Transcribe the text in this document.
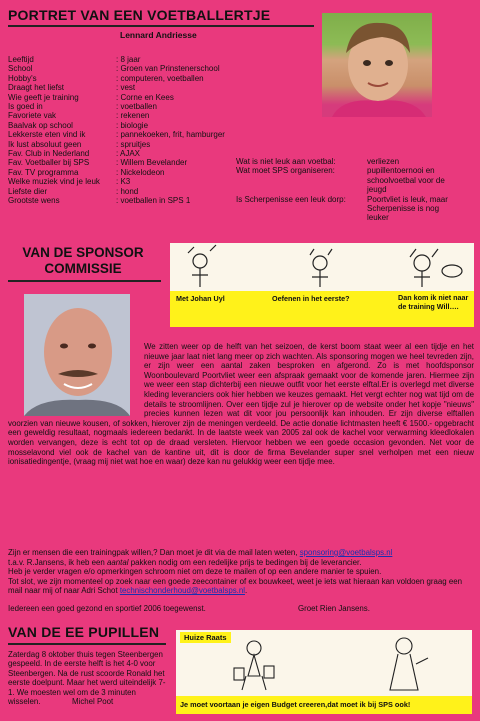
PORTRET VAN EEN VOETBALLERTJE
Lennard Andriesse
Leeftijd	: 8 jaar
School	: Groen van Prinstenerschool
Hobby's	: computeren, voetballen
Draagt het liefst	: vest
Wie geeft je training	: Corne en Kees
Is goed in	: voetballen
Favoriete vak	: rekenen
Baalvak op school	: biologie
Lekkerste eten vind ik	: pannekoeken, frit, hamburger
Ik lust absoluut geen	: spruitjes
Fav. Club in Nederland	: AJAX
Fav. Voetballer bij SPS	: Willem Bevelander
Fav. TV programma	: Nickelodeon
Welke muziek vind je leuk	: K3
Liefste dier	: hond
Grootste wens	: voetballen in SPS 1
Wat is niet leuk aan voetbal:	verliezen
Wat moet SPS organiseren:	pupillentoernooi en schoolvoetbal voor de jeugd
Is Scherpenisse een leuk dorp:	Poortvliet is leuk, maar Scherpenisse is nog leuker
VAN DE SPONSOR
COMMISSIE
Met Johan Uyl	Oefenen in het eerste?	Dan kom ik niet naar de training Will….
We zitten weer op de helft van het seizoen, de kerst boom staat weer al een tijdje en het nieuwe jaar laat niet lang meer op zich wachten. Als sponsoring mogen we heel tevreden zijn, er zijn weer een aantal zaken besproken en afgerond. Zo is met hoofdsponsor Woonboulevard Poortvliet weer een afspraak gemaakt voor de komende jaren. Hiermee zijn we weer een stap dichterbij een nieuwe outfit voor het eerste elftal.Er is overlegd met diverse kleding leveranciers ook hier hebben we keuzes gemaakt. Het vergt echter nog wat tijd om de details te stroomlijnen. Over een tijdje zul je hierover op de website onder het kopje "nieuws" precies kunnen lezen wat dit voor jou persoonlijk kan inhouden. Er zijn diverse elftallen voorzien van nieuwe kousen, of sokken, hierover zijn de meningen verdeeld. De actie donatie lichtmasten heeft € 1500.- opgebracht een geweldig resultaat, nogmaals iedereen bedankt. In de laatste week van 2005 zal ook de kachel voor verwarming kleedlokalen worden vervangen, deze is echt tot op de draad versleten. Hiervoor hebben we een goede occasion gevonden. Net voor de mosselavond viel ook de kachel van de kantine uit, dit is door de firma Bevelander super snel verholpen met een nieuw ionisatiedingentje, (vraag mij niet wat hoe en waar) deze kan nu gelukkig weer een tijdje mee.
Zijn er mensen die een trainingpak willen,? Dan moet je dit via de mail laten weten, sponsoring@voetbalsps.nl
t.a.v. R.Jansens, ik heb een aantal pakken nodig om een redelijke prijs te bedingen bij de leverancier.
Heb je verder vragen e/o opmerkingen schroom niet om deze te mailen of op een andere manier te spuien.
Tot slot, we zijn momenteel op zoek naar een goede zeecontainer of ex bouwkeet, weet je iets wat hieraan kan voldoen graag een mail naar mij of naar Adri Schot technischonderhoud@voetbalsps.nl.
Iedereen een goed gezond en sportief 2006 toegewenst.	Groet Rien Jansens.
VAN DE EE PUPILLEN
Zaterdag 8 oktober thuis tegen Steenbergen gespeeld. In de eerste helft is het 4-0 voor Steenbergen. Na de rust scoorde Ronald het eerste doelpunt. Maar het werd uiteindelijk 7-1. We moesten wel om de 3 minuten wisselen.	Michel Poot
Huize Raats
Je moet voortaan je eigen Budget creeren,dat moet ik bij SPS ook!
